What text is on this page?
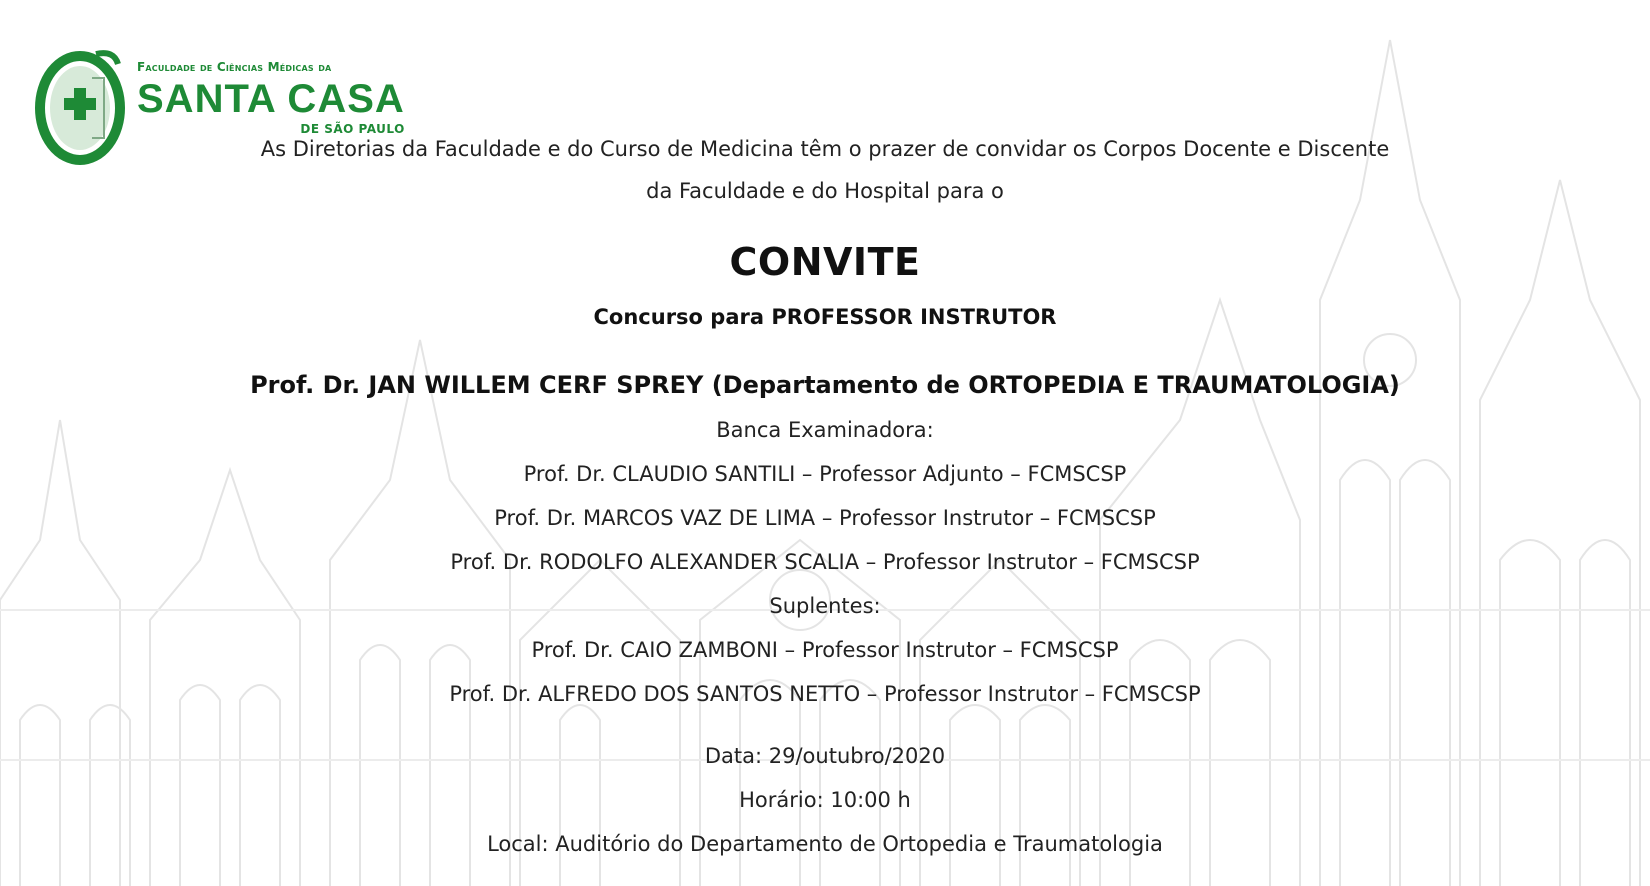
Faculdade de Ciências Médicas da
SANTA CASA
DE SÃO PAULO
As Diretorias da Faculdade e do Curso de Medicina têm o prazer de convidar os Corpos Docente e Discente
da Faculdade e do Hospital para o
CONVITE
Concurso para PROFESSOR INSTRUTOR
Prof. Dr. JAN WILLEM CERF SPREY (Departamento de ORTOPEDIA E TRAUMATOLOGIA)
Banca Examinadora:
Prof. Dr. CLAUDIO SANTILI – Professor Adjunto – FCMSCSP
Prof. Dr. MARCOS VAZ DE LIMA – Professor Instrutor – FCMSCSP
Prof. Dr. RODOLFO ALEXANDER SCALIA – Professor Instrutor – FCMSCSP
Suplentes:
Prof. Dr. CAIO ZAMBONI – Professor Instrutor – FCMSCSP
Prof. Dr. ALFREDO DOS SANTOS NETTO – Professor Instrutor – FCMSCSP
Data: 29/outubro/2020
Horário: 10:00 h
Local: Auditório do Departamento de Ortopedia e Traumatologia
